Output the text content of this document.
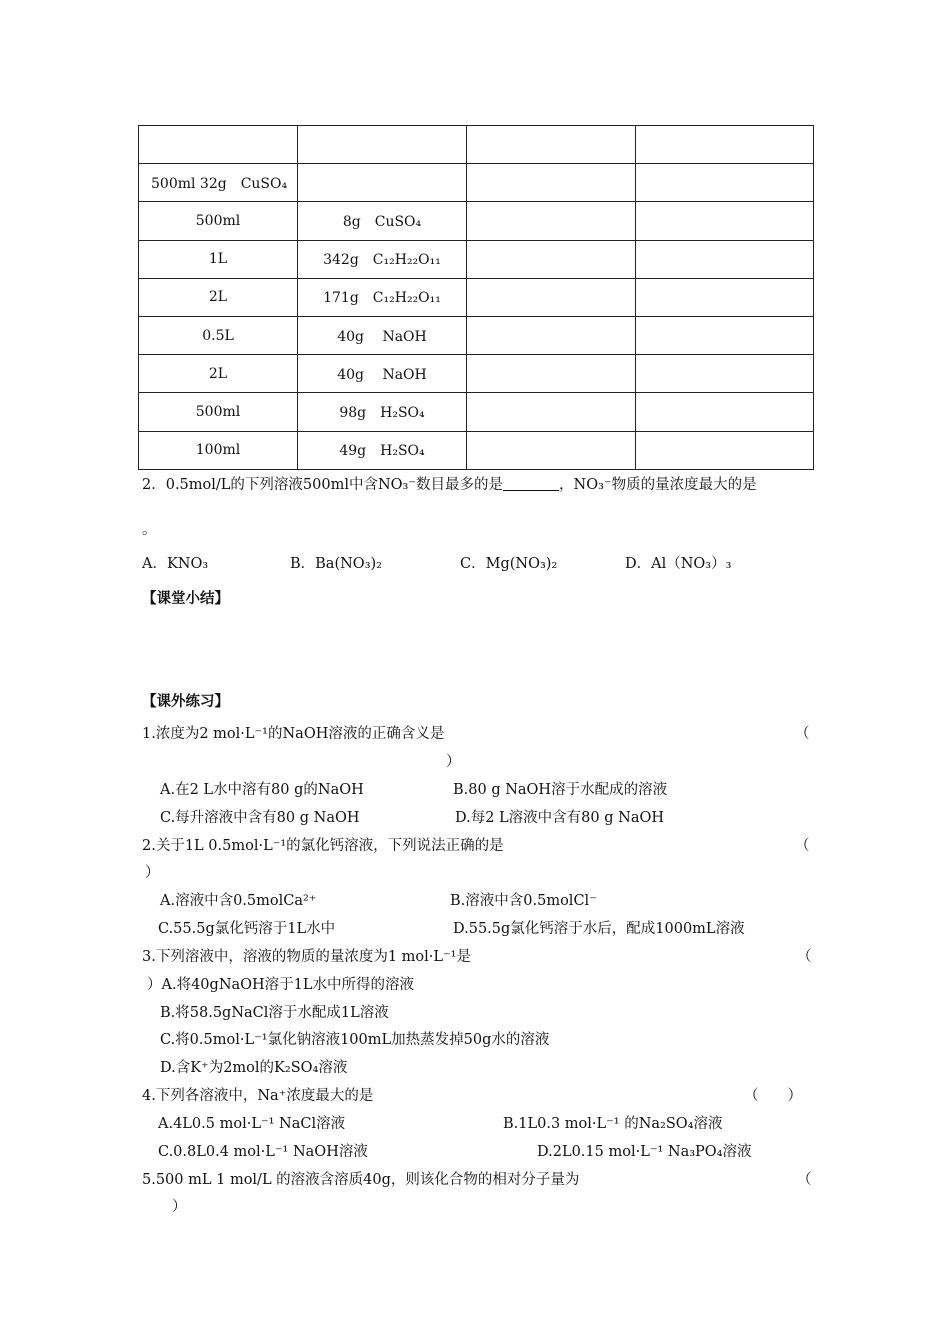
500ml 32g　CuSO₄			
500ml	8g　CuSO₄		
1L	342g　C₁₂H₂₂O₁₁		
2L	171g　C₁₂H₂₂O₁₁		
0.5L	40g　 NaOH		
2L	40g　 NaOH		
500ml	98g　H₂SO₄		
100ml	49g　H₂SO₄		
2．0.5mol/L的下列溶液500ml中含NO₃⁻数目最多的是	，NO₃⁻物质的量浓度最大的是
。
A．KNO₃	B．Ba(NO₃)₂	C．Mg(NO₃)₂	D．Al（NO₃）₃
【课堂小结】
【课外练习】
1.浓度为2 mol·L⁻¹的NaOH溶液的正确含义是	（
）
A.在2 L水中溶有80 g的NaOH	B.80 g NaOH溶于水配成的溶液
C.每升溶液中含有80 g NaOH	D.每2 L溶液中含有80 g NaOH
2.关于1L 0.5mol·L⁻¹的氯化钙溶液，下列说法正确的是	（
）
A.溶液中含0.5molCa²⁺	B.溶液中含0.5molCl⁻
C.55.5g氯化钙溶于1L水中	D.55.5g氯化钙溶于水后，配成1000mL溶液
3.下列溶液中，溶液的物质的量浓度为1 mol·L⁻¹是	（
）A.将40gNaOH溶于1L水中所得的溶液
B.将58.5gNaCl溶于水配成1L溶液
C.将0.5mol·L⁻¹氯化钠溶液100mL加热蒸发掉50g水的溶液
D.含K⁺为2mol的K₂SO₄溶液
4.下列各溶液中，Na⁺浓度最大的是	（　　）
A.4L0.5 mol·L⁻¹ NaCl溶液	B.1L0.3 mol·L⁻¹ 的Na₂SO₄溶液
C.0.8L0.4 mol·L⁻¹ NaOH溶液	D.2L0.15 mol·L⁻¹ Na₃PO₄溶液
5.500 mL 1 mol/L 的溶液含溶质40g，则该化合物的相对分子量为	（
）
